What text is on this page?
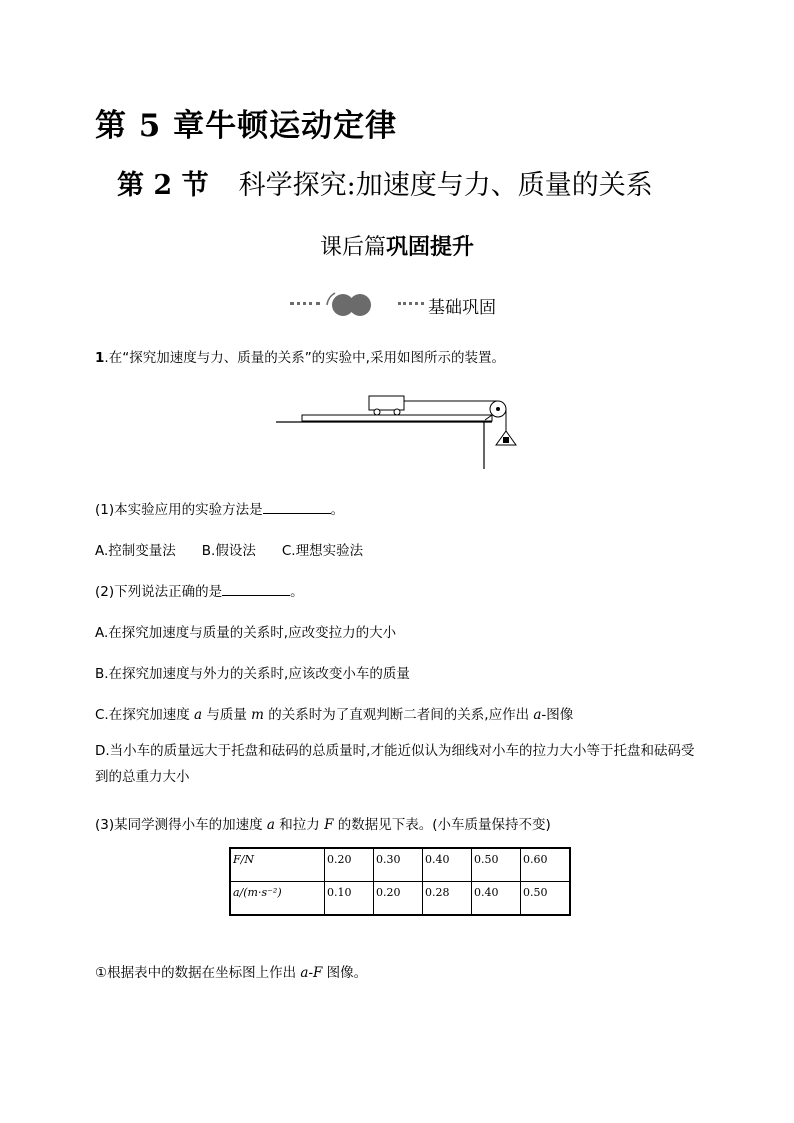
第 5 章牛顿运动定律
第 2 节 科学探究:加速度与力、质量的关系
课后篇巩固提升
基础巩固
1.在“探究加速度与力、质量的关系”的实验中,采用如图所示的装置。
(1)本实验应用的实验方法是	。
A.控制变量法 B.假设法 C.理想实验法
(2)下列说法正确的是	。
A.在探究加速度与质量的关系时,应改变拉力的大小
B.在探究加速度与外力的关系时,应该改变小车的质量
C.在探究加速度 a 与质量 m 的关系时为了直观判断二者间的关系,应作出 a-图像
D.当小车的质量远大于托盘和砝码的总质量时,才能近似认为细线对小车的拉力大小等于托盘和砝码受到的总重力大小
(3)某同学测得小车的加速度 a 和拉力 F 的数据见下表。(小车质量保持不变)
F/N	0.20	0.30	0.40	0.50	0.60
a/(m·s⁻²)	0.10	0.20	0.28	0.40	0.50
①根据表中的数据在坐标图上作出 a-F 图像。
